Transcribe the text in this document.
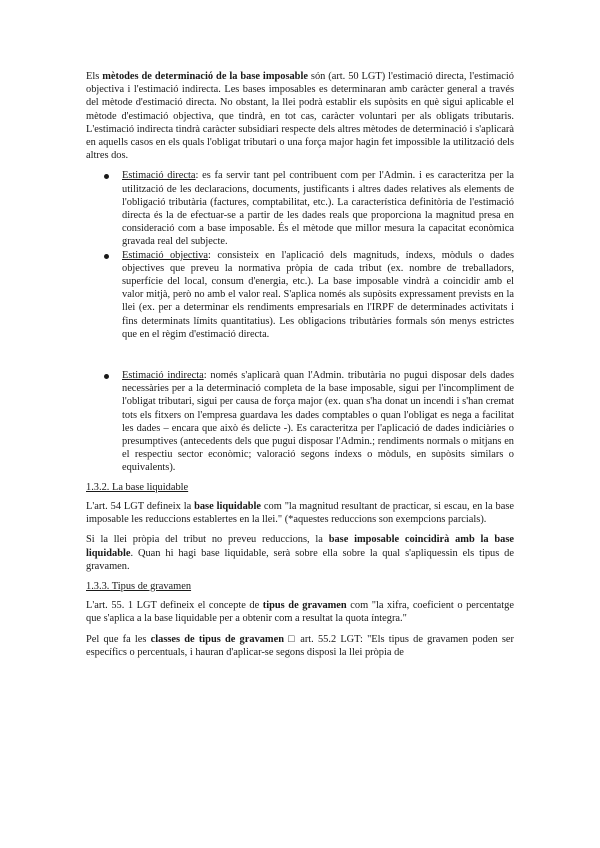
Els mètodes de determinació de la base imposable són (art. 50 LGT) l'estimació directa, l'estimació objectiva i l'estimació indirecta. Les bases imposables es determinaran amb caràcter general a través del mètode d'estimació directa. No obstant, la llei podrà establir els supòsits en què sigui aplicable el mètode d'estimació objectiva, que tindrà, en tot cas, caràcter voluntari per als obligats tributaris. L'estimació indirecta tindrà caràcter subsidiari respecte dels altres mètodes de determinació i s'aplicarà en aquells casos en els quals l'obligat tributari o una força major hagin fet impossible la utilització dels altres dos.

Estimació directa: es fa servir tant pel contribuent com per l'Admin. i es caracteritza per la utilització de les declaracions, documents, justificants i altres dades relatives als elements de l'obligació tributària (factures, comptabilitat, etc.). La característica definitòria de l'estimació directa és la de efectuar-se a partir de les dades reals que proporciona la magnitud presa en consideració com a base imposable. És el mètode que millor mesura la capacitat econòmica gravada real del subjecte.
Estimació objectiva: consisteix en l'aplicació dels magnituds, índexs, mòduls o dades objectives que preveu la normativa pròpia de cada tribut (ex. nombre de treballadors, superfície del local, consum d'energia, etc.). La base imposable vindrà a coincidir amb el valor mitjà, però no amb el valor real. S'aplica només als supòsits expressament prevists en la llei (ex. per a determinar els rendiments empresarials en l'IRPF de determinades activitats i fins determinats límits quantitatius). Les obligacions tributàries formals són menys estrictes que en el règim d'estimació directa.
Estimació indirecta: només s'aplicarà quan l'Admin. tributària no pugui disposar dels dades necessàries per a la determinació completa de la base imposable, sigui per l'incompliment de l'obligat tributari, sigui per causa de força major (ex. quan s'ha donat un incendi i s'han cremat tots els fitxers on l'empresa guardava les dades comptables o quan l'obligat es nega a facilitat les dades – encara que això és delicte -). Es caracteritza per l'aplicació de dades indiciàries o presumptives (antecedents dels que pugui disposar l'Admin.; rendiments normals o mitjans en el respectiu sector econòmic; valoració segons índexs o mòduls, en supòsits similars o equivalents).

1.3.2. La base liquidable

L'art. 54 LGT defineix la base liquidable com "la magnitud resultant de practicar, si escau, en la base imposable les reduccions establertes en la llei." (*aquestes reduccions son exempcions parcials).

Si la llei pròpia del tribut no preveu reduccions, la base imposable coincidirà amb la base liquidable. Quan hi hagi base liquidable, serà sobre ella sobre la qual s'apliquessin els tipus de gravamen.

1.3.3. Tipus de gravamen

L'art. 55. 1 LGT defineix el concepte de tipus de gravamen com "la xifra, coeficient o percentatge que s'aplica a la base liquidable per a obtenir com a resultat la quota íntegra."

Pel que fa les classes de tipus de gravamen □ art. 55.2 LGT: "Els tipus de gravamen poden ser específics o percentuals, i hauran d'aplicar-se segons disposi la llei pròpia de
